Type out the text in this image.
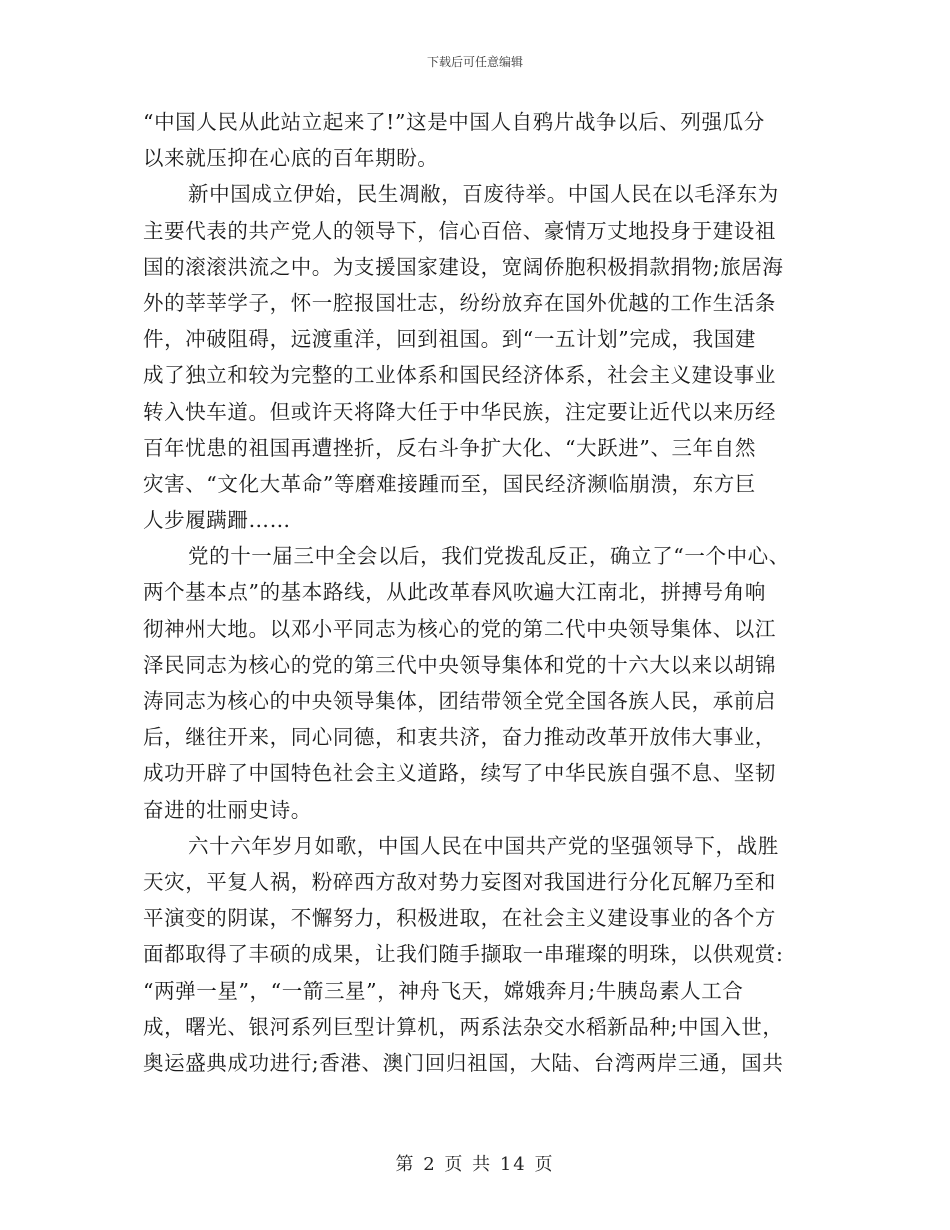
下载后可任意编辑
“中国人民从此站立起来了!”这是中国人自鸦片战争以后、列强瓜分
以来就压抑在心底的百年期盼。
新中国成立伊始，民生凋敝，百废待举。中国人民在以毛泽东为
主要代表的共产党人的领导下，信心百倍、豪情万丈地投身于建设祖
国的滚滚洪流之中。为支援国家建设，宽阔侨胞积极捐款捐物;旅居海
外的莘莘学子，怀一腔报国壮志，纷纷放弃在国外优越的工作生活条
件，冲破阻碍，远渡重洋，回到祖国。到“一五计划”完成，我国建
成了独立和较为完整的工业体系和国民经济体系，社会主义建设事业
转入快车道。但或许天将降大任于中华民族，注定要让近代以来历经
百年忧患的祖国再遭挫折，反右斗争扩大化、“大跃进”、三年自然
灾害、“文化大革命”等磨难接踵而至，国民经济濒临崩溃，东方巨
人步履蹒跚……
党的十一届三中全会以后，我们党拨乱反正，确立了“一个中心、
两个基本点”的基本路线，从此改革春风吹遍大江南北，拼搏号角响
彻神州大地。以邓小平同志为核心的党的第二代中央领导集体、以江
泽民同志为核心的党的第三代中央领导集体和党的十六大以来以胡锦
涛同志为核心的中央领导集体，团结带领全党全国各族人民，承前启
后，继往开来，同心同德，和衷共济，奋力推动改革开放伟大事业，
成功开辟了中国特色社会主义道路，续写了中华民族自强不息、坚韧
奋进的壮丽史诗。
六十六年岁月如歌，中国人民在中国共产党的坚强领导下，战胜
天灾，平复人祸，粉碎西方敌对势力妄图对我国进行分化瓦解乃至和
平演变的阴谋，不懈努力，积极进取，在社会主义建设事业的各个方
面都取得了丰硕的成果，让我们随手撷取一串璀璨的明珠，以供观赏:
“两弹一星”，“一箭三星”，神舟飞天，嫦娥奔月;牛胰岛素人工合
成，曙光、银河系列巨型计算机，两系法杂交水稻新品种;中国入世，
奥运盛典成功进行;香港、澳门回归祖国，大陆、台湾两岸三通，国共
第 2 页 共 14 页
